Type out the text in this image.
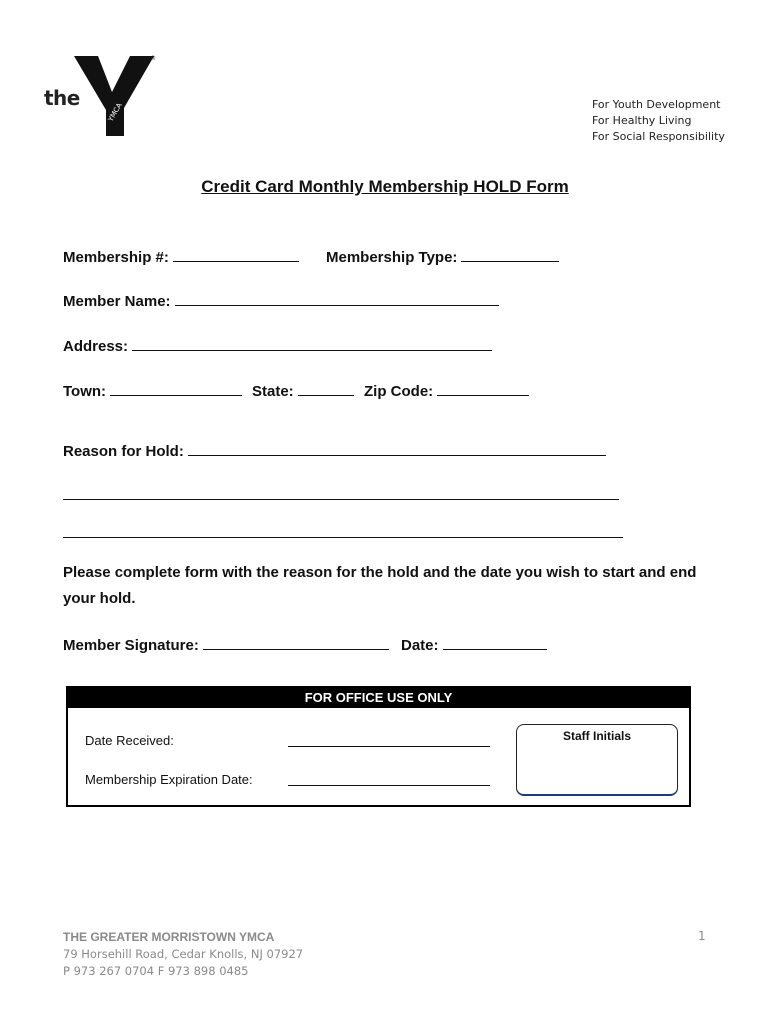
the
YMCA
®
For Youth Development
For Healthy Living
For Social Responsibility
Credit Card Monthly Membership HOLD Form
Membership #:	Membership Type:
Member Name:
Address:
Town:	State:	Zip Code:
Reason for Hold:
Please complete form with the reason for the hold and the date you wish to start and end your hold.
Member Signature:	Date:
FOR OFFICE USE ONLY
Date Received:
Membership Expiration Date:
Staff Initials
THE GREATER MORRISTOWN YMCA
79 Horsehill Road, Cedar Knolls, NJ 07927
P 973 267 0704 F 973 898 0485
1
